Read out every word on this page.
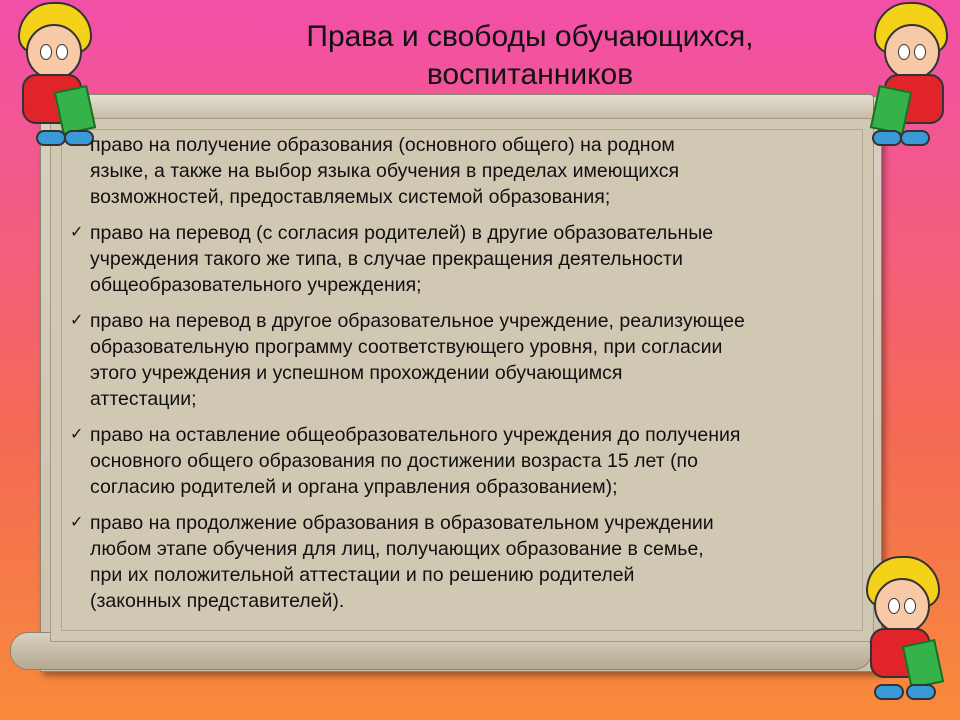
Права и свободы обучающихся,
воспитанников
право на получение образования (основного общего) на родном
языке, а также на выбор языка обучения в пределах имеющихся
возможностей, предоставляемых системой образования;
✓ право на перевод (с согласия родителей) в другие образовательные
учреждения такого же типа, в случае прекращения деятельности
общеобразовательного учреждения;
✓ право на перевод в другое образовательное учреждение, реализующее
образовательную программу соответствующего уровня, при согласии
этого учреждения и успешном прохождении обучающимся
аттестации;
✓ право на оставление общеобразовательного учреждения до получения
основного общего образования по достижении возраста 15 лет (по
согласию родителей и органа управления образованием);
✓ право на продолжение образования в образовательном учреждении
любом этапе обучения для лиц, получающих образование в семье,
при их положительной аттестации и по решению родителей
(законных представителей).
